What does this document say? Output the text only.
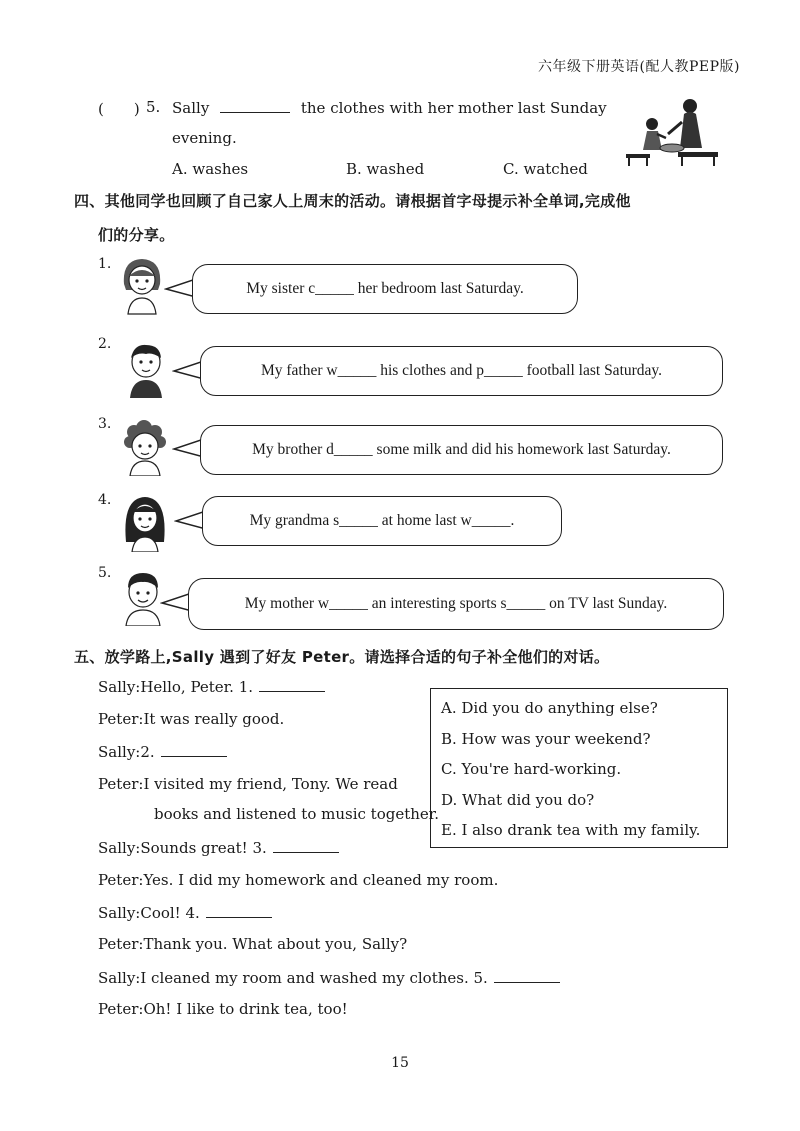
六年级下册英语(配人教PEP版)
(　　) 5. Sally	the clothes with her mother last Sunday
evening.
A. washes	B. washed	C. watched
四、其他同学也回顾了自己家人上周末的活动。请根据首字母提示补全单词,完成他
们的分享。
1.
My sister c_____ her bedroom last Saturday.
2.
My father w_____ his clothes and p_____ football last Saturday.
3.
My brother d_____ some milk and did his homework last Saturday.
4.
My grandma s_____ at home last w_____.
5.
My mother w_____ an interesting sports s_____ on TV last Sunday.
五、放学路上,Sally 遇到了好友 Peter。请选择合适的句子补全他们的对话。
Sally:Hello, Peter. 1.
Peter:It was really good.
Sally:2.
Peter:I visited my friend, Tony. We read
books and listened to music together.
Sally:Sounds great! 3.
Peter:Yes. I did my homework and cleaned my room.
Sally:Cool! 4.
Peter:Thank you. What about you, Sally?
Sally:I cleaned my room and washed my clothes. 5.
Peter:Oh! I like to drink tea, too!
A. Did you do anything else?
B. How was your weekend?
C. You're hard-working.
D. What did you do?
E. I also drank tea with my family.
15
